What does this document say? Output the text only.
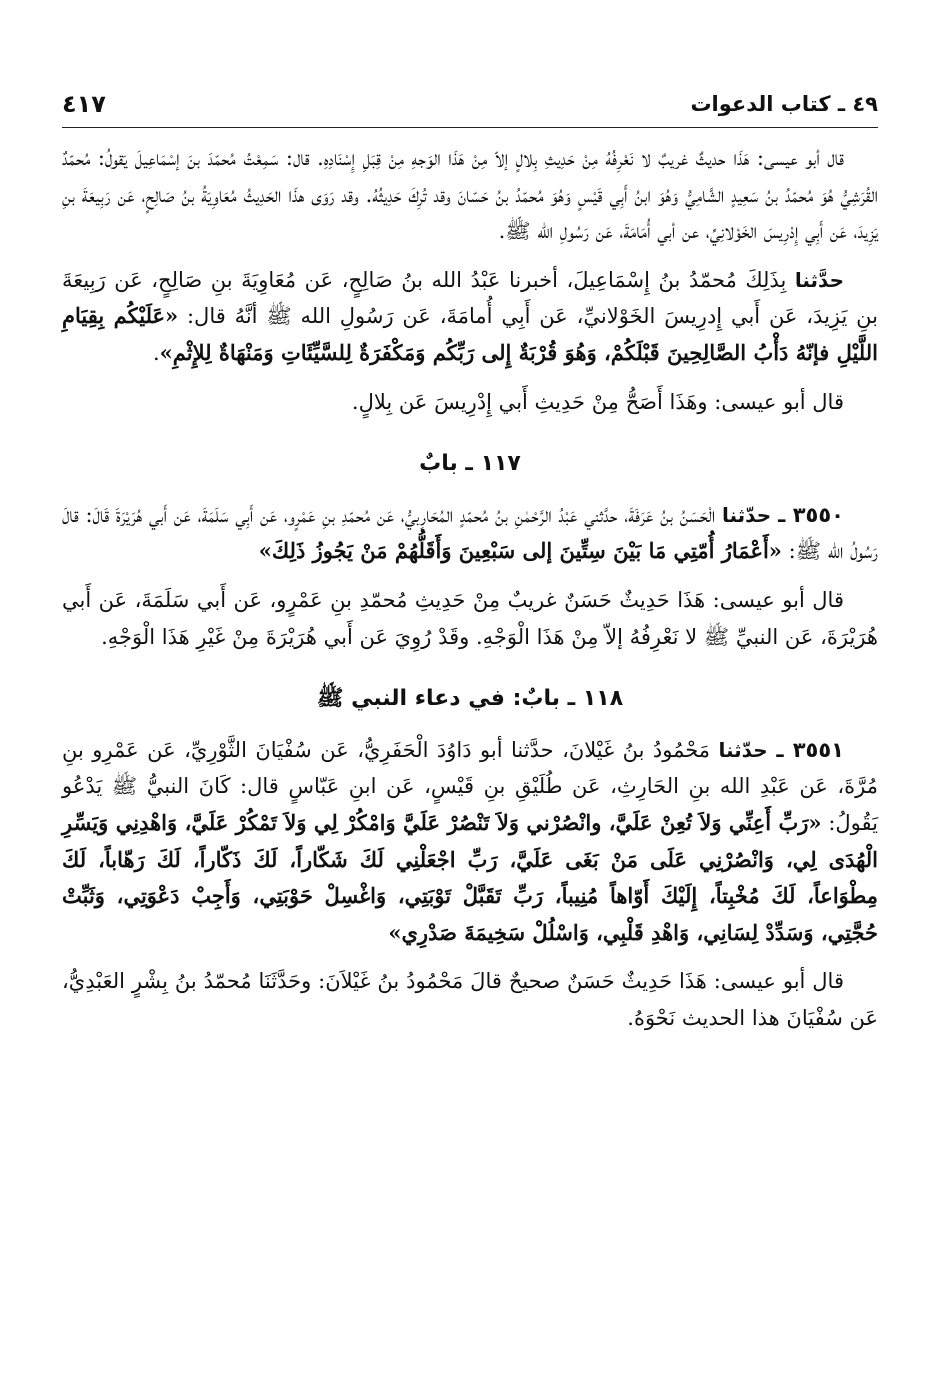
٤١٧	٤٩ ـ كتاب الدعوات

قال أبو عيسى: هَذَا حديثٌ غريبٌ لا نَعْرِفُهُ مِنْ حَدِيثِ بِلالٍ إلاّ مِنْ هَذَا الوَجهِ مِنْ قِبَلِ إِسْنَادِهِ. قال: سَمِعْتُ مُحمّدَ بنَ إسْمَاعِيلَ يَقولُ: مُحمّدٌ القُرَشِيُّ هُوَ مُحمّدُ بنُ سَعِيدٍ الشَّامِيُّ وَهُوَ ابنُ أَبِي قَيْسٍ وَهُوَ مُحمّدُ بنُ حَسّانَ وقد تُرِكَ حَدِيثُهُ. وقد رَوَى هذَا الحَدِيثُ مُعَاوِيَةُ بنُ صَالِحٍ، عَن رَبِيعَةَ بنِ يَزِيدَ، عَن أَبِي إِدْرِيسَ الخَوْلانِيِّ، عن أبي أُمَامَةَ، عَن رَسُولِ الله ﷺ.

حدَّثنا بِذَلِكَ مُحمّدُ بنُ إِسْمَاعِيلَ، أخبرنا عَبْدُ الله بنُ صَالِحٍ، عَن مُعَاوِيَةَ بنِ صَالِحٍ، عَن رَبِيعَةَ بنِ يَزِيدَ، عَن أَبي إِدرِيسَ الخَوْلانيِّ، عَن أَبِي أُمامَةَ، عَن رَسُولِ الله ﷺ أنَّهُ قال: «عَلَيْكُم بِقِيَامِ اللَّيْلِ فإنّهُ دَأْبُ الصَّالِحِينَ قَبْلَكُمْ، وَهُوَ قُرْبَةٌ إِلى رَبِّكُم وَمَكْفَرَةٌ لِلسَّيِّئَاتِ وَمَنْهَاةٌ لِلإِثْمِ».

قال أبو عيسى: وهَذَا أَصَحُّ مِنْ حَدِيثِ أَبي إِدْرِيسَ عَن بِلالٍ.

١١٧ ـ بابٌ

٣٥٥٠ ـ حدّثنا الْحَسَنُ بنُ عَرَفَةَ، حدَّثني عَبْدُ الرَّحْمٰنِ بنُ مُحمّدٍ المُحَارِبيُّ، عَن مُحمّدِ بنِ عَمْرٍو، عَن أَبِي سَلَمَةَ، عَن أَبي هُرَيْرَةَ قَالَ: قالَ رَسُولُ الله ﷺ: «أَعْمَارُ أُمّتِي مَا بَيْنَ سِتِّينَ إلى سَبْعِينَ وَأَقَلُّهُمْ مَنْ يَجُوزُ ذَلِكَ»

قال أبو عيسى: هَذَا حَدِيثٌ حَسَنٌ غريبٌ مِنْ حَدِيثِ مُحمّدِ بنِ عَمْرٍو، عَن أَبي سَلَمَةَ، عَن أَبي هُرَيْرَةَ، عَن النبيِّ ﷺ لا نَعْرِفُهُ إلاّ مِنْ هَذَا الْوَجْهِ. وقَدْ رُوِيَ عَن أَبي هُرَيْرَةَ مِنْ غَيْرِ هَذَا الْوَجْهِ.

١١٨ ـ بابٌ: في دعاء النبي ﷺ

٣٥٥١ ـ حدّثنا مَحْمُودُ بنُ غَيْلانَ، حدَّثنا أبو دَاوُدَ الْحَفَرِيُّ، عَن سُفْيَانَ الثَّوْرِيِّ، عَن عَمْرِو بنِ مُرَّةَ، عَن عَبْدِ الله بنِ الحَارِثِ، عَن طُلَيْقِ بنِ قَيْسٍ، عَن ابنِ عَبّاسٍ قال: كَانَ النبيُّ ﷺ يَدْعُو يَقُولُ: «رَبِّ أَعِنِّي وَلاَ تُعِنْ عَلَيَّ، وانْصُرْني وَلاَ تَنْصُرْ عَلَيَّ وَامْكُرْ لِي وَلاَ تَمْكُرْ عَلَيَّ، وَاهْدِنِي وَيَسِّرِ الْهُدَى لِي، وَانْصُرْنِي عَلَى مَنْ بَغَى عَلَيَّ، رَبِّ اجْعَلْنِي لَكَ شَكّاراً، لَكَ ذَكّاراً، لَكَ رَهّاباً، لَكَ مِطْوَاعاً، لَكَ مُخْبِتاً، إِلَيْكَ أَوّاهاً مُنِيباً، رَبِّ تَقَبَّلْ تَوْبَتِي، وَاغْسِلْ حَوْبَتِي، وَأَجِبْ دَعْوَتِي، وَثَبِّتْ حُجَّتِي، وَسَدِّدْ لِسَانِي، وَاهْدِ قَلْبِي، وَاسْلُلْ سَخِيمَةَ صَدْرِي»

قال أبو عيسى: هَذَا حَدِيثٌ حَسَنٌ صحيحٌ قالَ مَحْمُودُ بنُ غَيْلاَنَ: وحَدَّثَنَا مُحمّدُ بنُ بِشْرٍ العَبْدِيُّ، عَن سُفْيَانَ هذا الحديث نَحْوَهُ.
